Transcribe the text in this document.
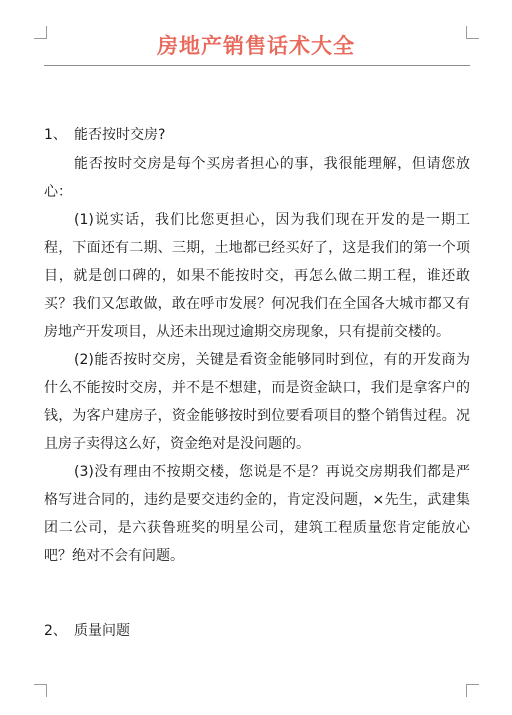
房地产销售话术大全

1、 能否按时交房?

能否按时交房是每个买房者担心的事，我很能理解，但请您放心：

(1)说实话，我们比您更担心，因为我们现在开发的是一期工程，下面还有二期、三期，土地都已经买好了，这是我们的第一个项目，就是创口碑的，如果不能按时交，再怎么做二期工程，谁还敢买？我们又怎敢做，敢在呼市发展？何况我们在全国各大城市都又有房地产开发项目，从还未出现过逾期交房现象，只有提前交楼的。

(2)能否按时交房，关键是看资金能够同时到位，有的开发商为什么不能按时交房，并不是不想建，而是资金缺口，我们是拿客户的钱，为客户建房子，资金能够按时到位要看项目的整个销售过程。况且房子卖得这么好，资金绝对是没问题的。

(3)没有理由不按期交楼，您说是不是？再说交房期我们都是严格写进合同的，违约是要交违约金的，肯定没问题，×先生，武建集团二公司，是六获鲁班奖的明星公司，建筑工程质量您肯定能放心吧？绝对不会有问题。

2、 质量问题
